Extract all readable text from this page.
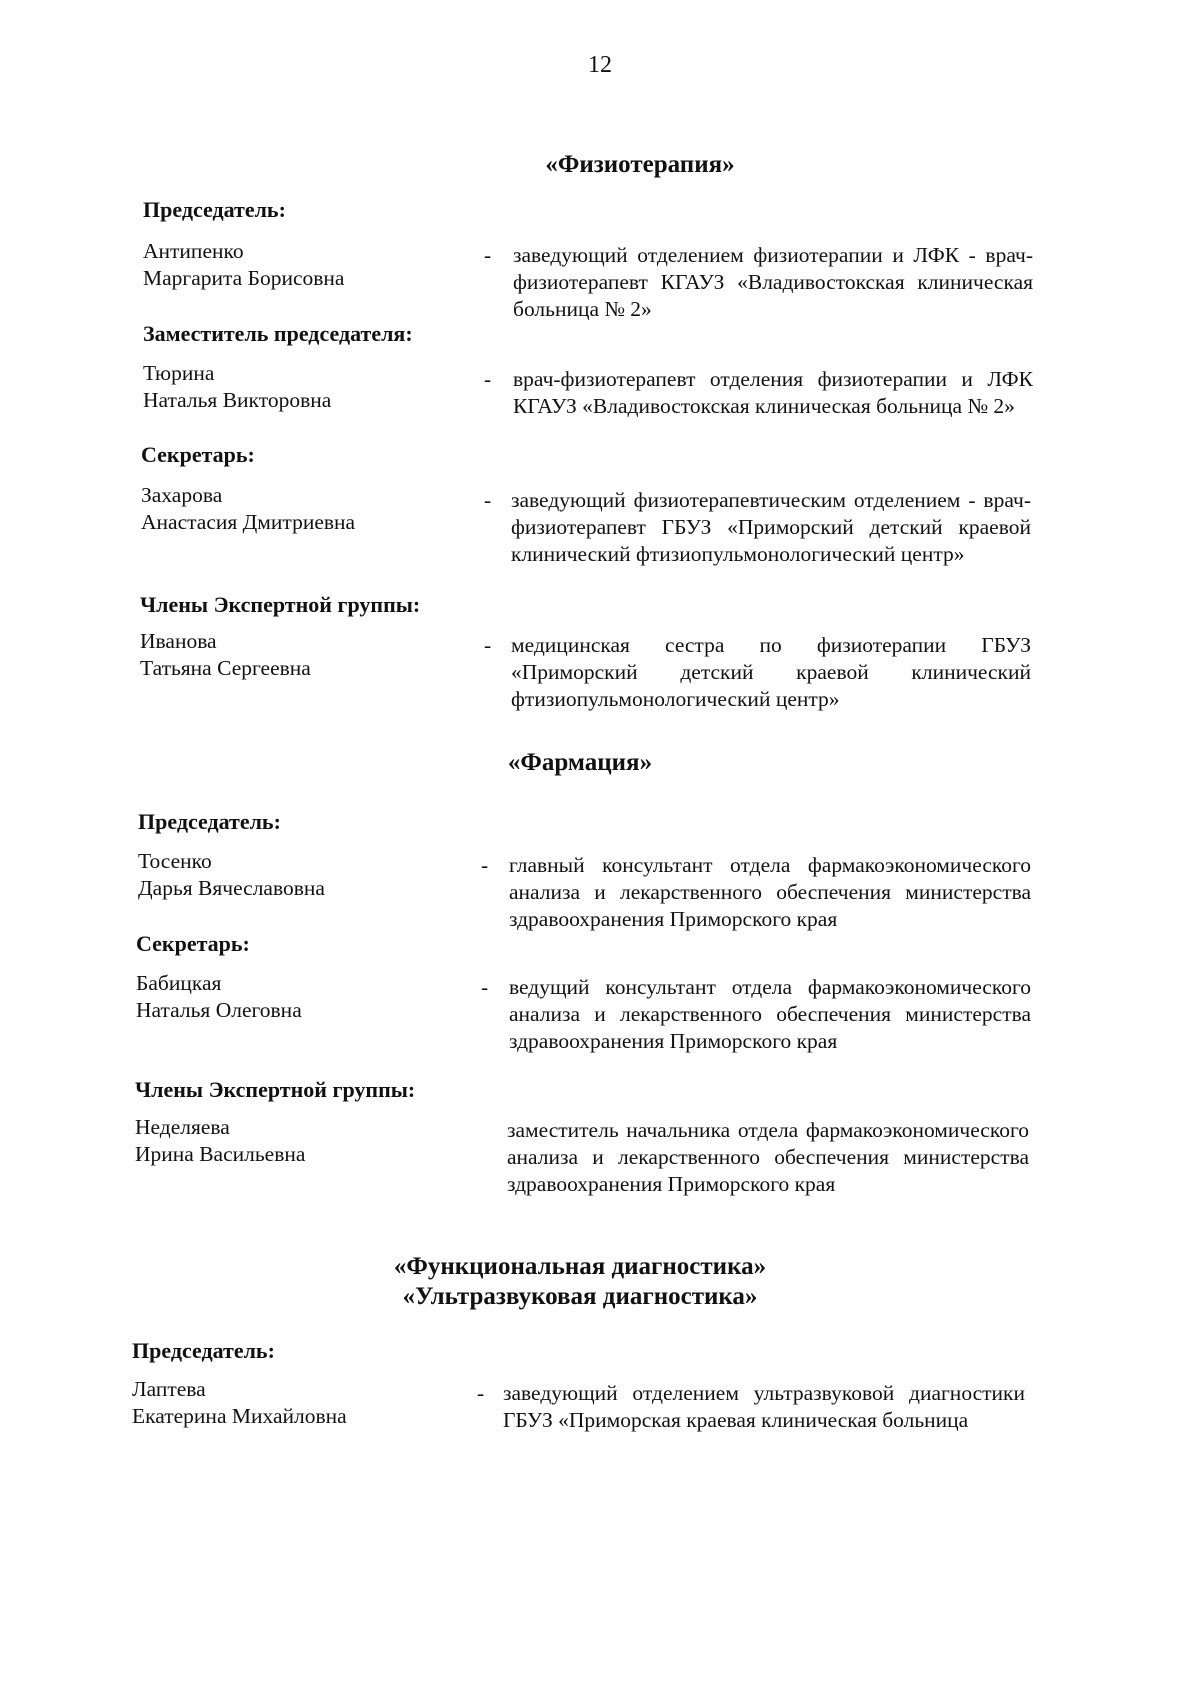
12
«Физиотерапия»
Председатель:
Антипенко
Маргарита Борисовна
- заведующий отделением физиотерапии и ЛФК - врач-физиотерапевт КГАУЗ «Владивостокская клиническая больница № 2»
Заместитель председателя:
Тюрина
Наталья Викторовна
- врач-физиотерапевт отделения физиотерапии и ЛФК КГАУЗ «Владивостокская клиническая больница № 2»
Секретарь:
Захарова
Анастасия Дмитриевна
- заведующий физиотерапевтическим отделением - врач-физиотерапевт ГБУЗ «Приморский детский краевой клинический фтизиопульмонологический центр»
Члены Экспертной группы:
Иванова
Татьяна Сергеевна
- медицинская сестра по физиотерапии ГБУЗ «Приморский детский краевой клинический фтизиопульмонологический центр»
«Фармация»
Председатель:
Тосенко
Дарья Вячеславовна
- главный консультант отдела фармакоэкономического анализа и лекарственного обеспечения министерства здравоохранения Приморского края
Секретарь:
Бабицкая
Наталья Олеговна
- ведущий консультант отдела фармакоэкономического анализа и лекарственного обеспечения министерства здравоохранения Приморского края
Члены Экспертной группы:
Неделяева
Ирина Васильевна
заместитель начальника отдела фармакоэкономического анализа и лекарственного обеспечения министерства здравоохранения Приморского края
«Функциональная диагностика»
«Ультразвуковая диагностика»
Председатель:
Лаптева
Екатерина Михайловна
- заведующий отделением ультразвуковой диагностики ГБУЗ «Приморская краевая клиническая больница
